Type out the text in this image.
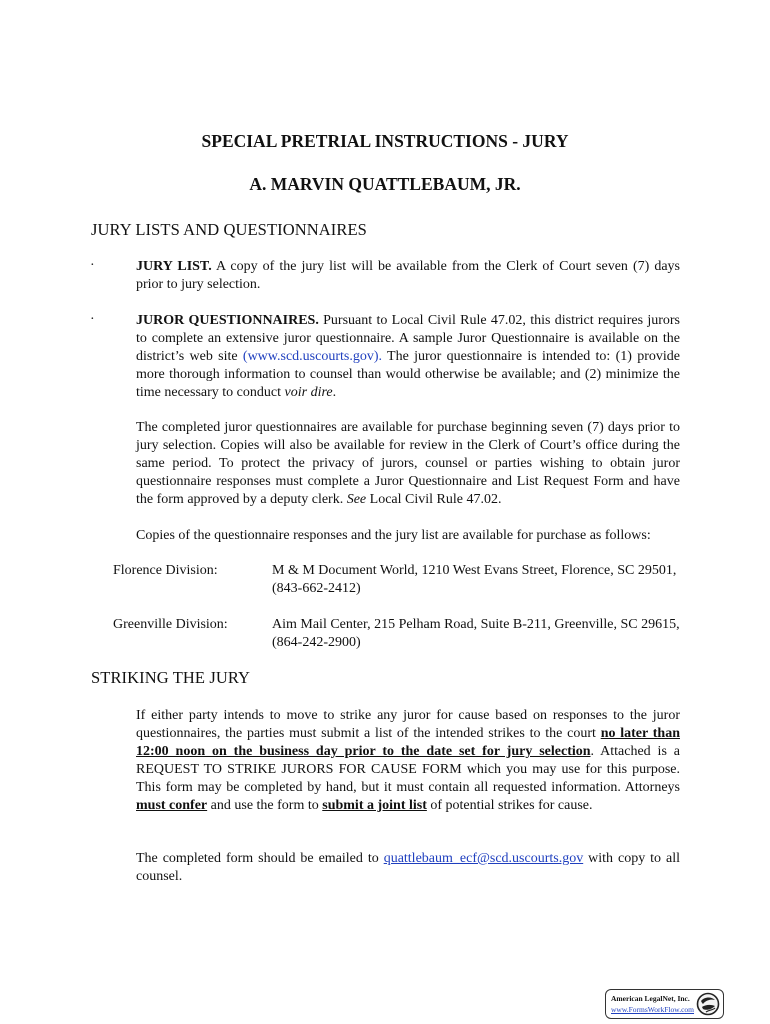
SPECIAL PRETRIAL INSTRUCTIONS - JURY
A. MARVIN QUATTLEBAUM, JR.
JURY LISTS AND QUESTIONNAIRES
·	JURY LIST. A copy of the jury list will be available from the Clerk of Court seven (7) days prior to jury selection.
·	JUROR QUESTIONNAIRES. Pursuant to Local Civil Rule 47.02, this district requires jurors to complete an extensive juror questionnaire. A sample Juror Questionnaire is available on the district’s web site (www.scd.uscourts.gov). The juror questionnaire is intended to: (1) provide more thorough information to counsel than would otherwise be available; and (2) minimize the time necessary to conduct voir dire.
The completed juror questionnaires are available for purchase beginning seven (7) days prior to jury selection. Copies will also be available for review in the Clerk of Court’s office during the same period. To protect the privacy of jurors, counsel or parties wishing to obtain juror questionnaire responses must complete a Juror Questionnaire and List Request Form and have the form approved by a deputy clerk. See Local Civil Rule 47.02.
Copies of the questionnaire responses and the jury list are available for purchase as follows:
Florence Division:	M & M Document World, 1210 West Evans Street, Florence, SC 29501, (843-662-2412)
Greenville Division:	Aim Mail Center, 215 Pelham Road, Suite B-211, Greenville, SC 29615, (864-242-2900)
STRIKING THE JURY
If either party intends to move to strike any juror for cause based on responses to the juror questionnaires, the parties must submit a list of the intended strikes to the court no later than 12:00 noon on the business day prior to the date set for jury selection. Attached is a REQUEST TO STRIKE JURORS FOR CAUSE FORM which you may use for this purpose. This form may be completed by hand, but it must contain all requested information. Attorneys must confer and use the form to submit a joint list of potential strikes for cause.
The completed form should be emailed to quattlebaum_ecf@scd.uscourts.gov with copy to all counsel.
American LegalNet, Inc.
www.FormsWorkFlow.com
